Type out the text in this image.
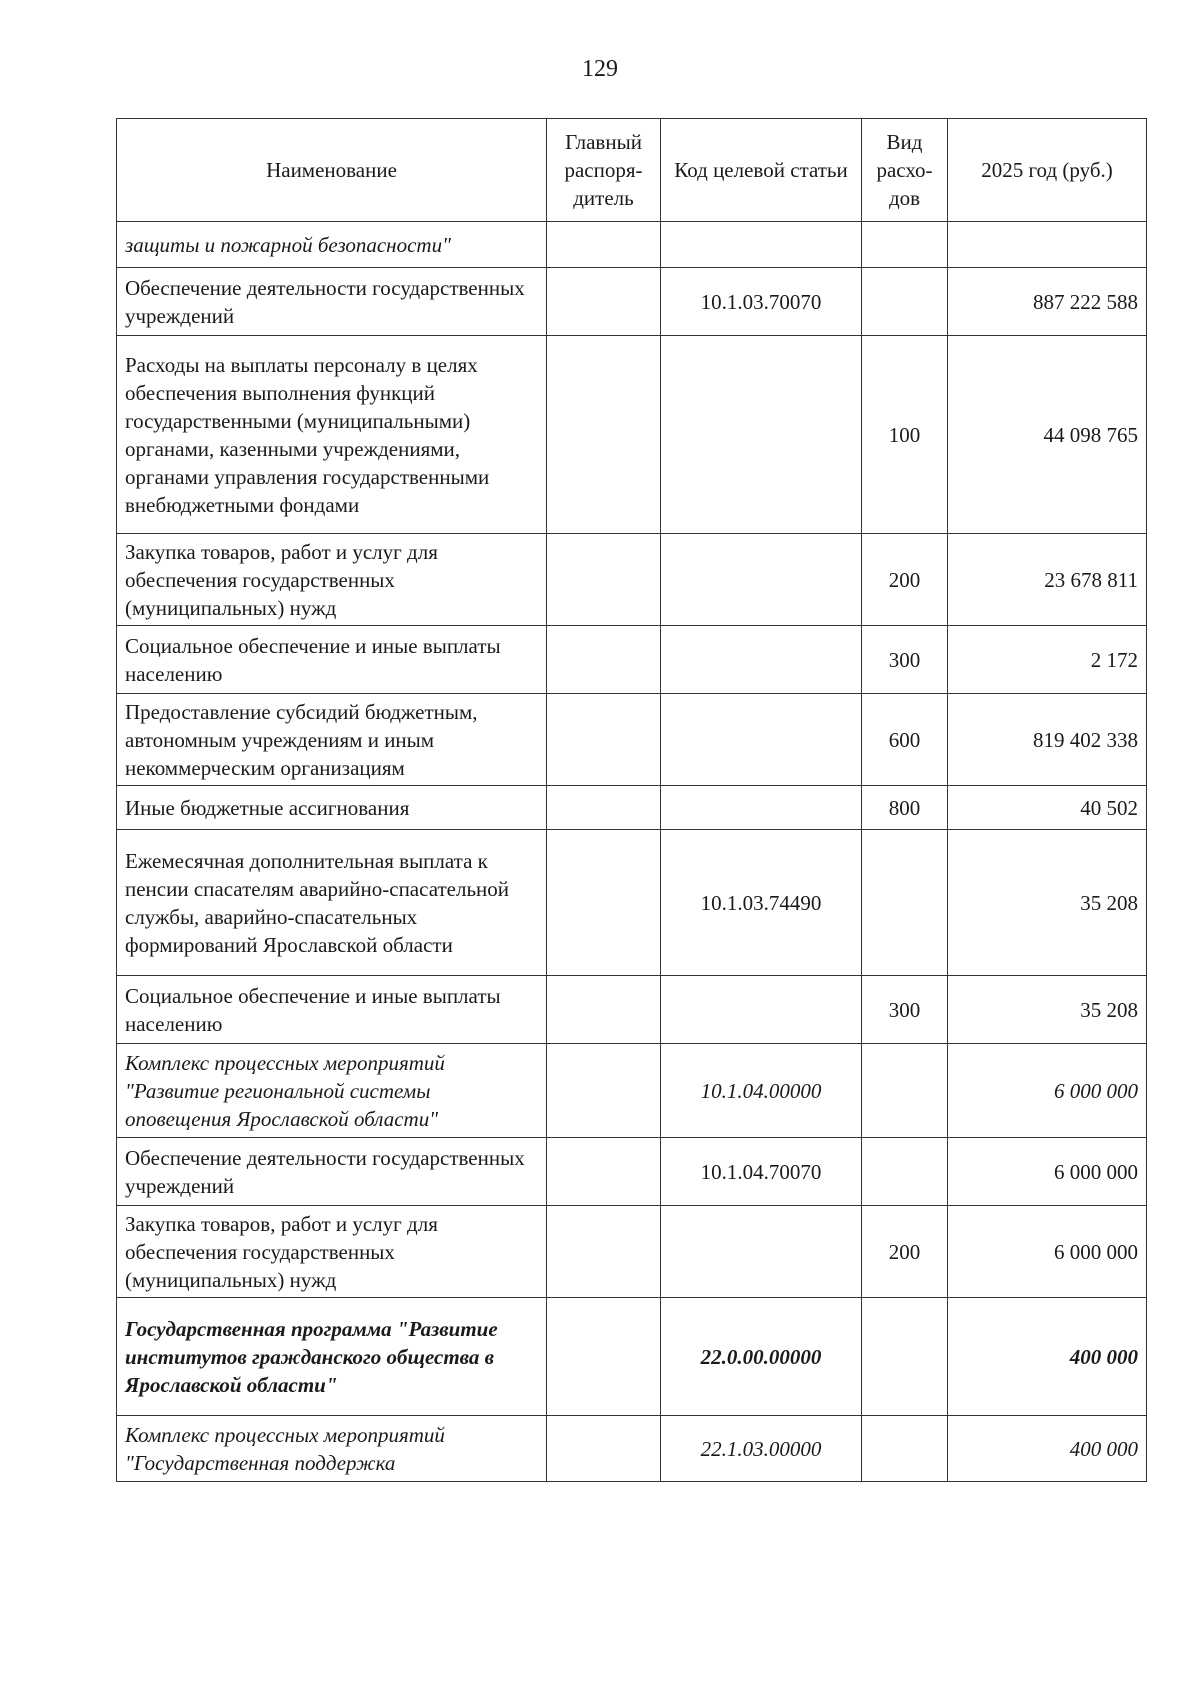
129
Наименование	Главный распоря- дитель	Код целевой статьи	Вид расхо- дов	2025 год (руб.)
защиты и пожарной безопасности"				
Обеспечение деятельности государственных учреждений		10.1.03.70070		887 222 588
Расходы на выплаты персоналу в целях обеспечения выполнения функций государственными (муниципальными) органами, казенными учреждениями, органами управления государственными внебюджетными фондами			100	44 098 765
Закупка товаров, работ и услуг для обеспечения государственных (муниципальных) нужд			200	23 678 811
Социальное обеспечение и иные выплаты населению			300	2 172
Предоставление субсидий бюджетным, автономным учреждениям и иным некоммерческим организациям			600	819 402 338
Иные бюджетные ассигнования			800	40 502
Ежемесячная дополнительная выплата к пенсии спасателям аварийно-спасательной службы, аварийно-спасательных формирований Ярославской области		10.1.03.74490		35 208
Социальное обеспечение и иные выплаты населению			300	35 208
Комплекс процессных мероприятий "Развитие региональной системы оповещения Ярославской области"		10.1.04.00000		6 000 000
Обеспечение деятельности государственных учреждений		10.1.04.70070		6 000 000
Закупка товаров, работ и услуг для обеспечения государственных (муниципальных) нужд			200	6 000 000
Государственная программа "Развитие институтов гражданского общества в Ярославской области"		22.0.00.00000		400 000
Комплекс процессных мероприятий "Государственная поддержка		22.1.03.00000		400 000
